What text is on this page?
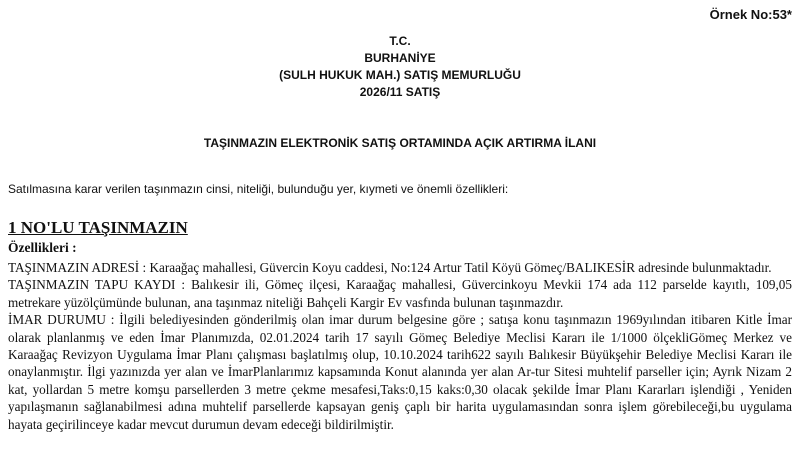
Örnek No:53*
T.C.
BURHANİYE
(SULH HUKUK MAH.) SATIŞ MEMURLUĞU
2026/11 SATIŞ
TAŞINMAZIN ELEKTRONİK SATIŞ ORTAMINDA AÇIK ARTIRMA İLANI
Satılmasına karar verilen taşınmazın cinsi, niteliği, bulunduğu yer, kıymeti ve önemli özellikleri:
1 NO'LU TAŞINMAZIN
Özellikleri :

TAŞINMAZIN ADRESİ : Karaağaç mahallesi, Güvercin Koyu caddesi, No:124 Artur Tatil Köyü Gömeç/BALIKESİR adresinde bulunmaktadır.

TAŞINMAZIN TAPU KAYDI : Balıkesir ili, Gömeç ilçesi, Karaağaç mahallesi, Güvercinkoyu Mevkii 174 ada 112 parselde kayıtlı, 109,05 metrekare yüzölçümünde bulunan, ana taşınmaz niteliği Bahçeli Kargir Ev vasfında bulunan taşınmazdır.

İMAR DURUMU : İlgili belediyesinden gönderilmiş olan imar durum belgesine göre ; satışa konu taşınmazın 1969yılından itibaren Kitle İmar olarak planlanmış ve eden İmar Planımızda, 02.01.2024 tarih 17 sayılı Gömeç Belediye Meclisi Kararı ile 1/1000 ölçekliGömeç Merkez ve Karaağaç Revizyon Uygulama İmar Planı çalışması başlatılmış olup, 10.10.2024 tarih622 sayılı Balıkesir Büyükşehir Belediye Meclisi Kararı ile onaylanmıştır. İlgi yazınızda yer alan ve İmarPlanlarımız kapsamında Konut alanında yer alan Ar-tur Sitesi muhtelif parseller için; Ayrık Nizam 2 kat, yollardan 5 metre komşu parsellerden 3 metre çekme mesafesi,Taks:0,15 kaks:0,30 olacak şekilde İmar Planı Kararları işlendiği , Yeniden yapılaşmanın sağlanabilmesi adına muhtelif parsellerde kapsayan geniş çaplı bir harita uygulamasından sonra işlem görebileceği,bu uygulama hayata geçirilinceye kadar mevcut durumun devam edeceği bildirilmiştir.
